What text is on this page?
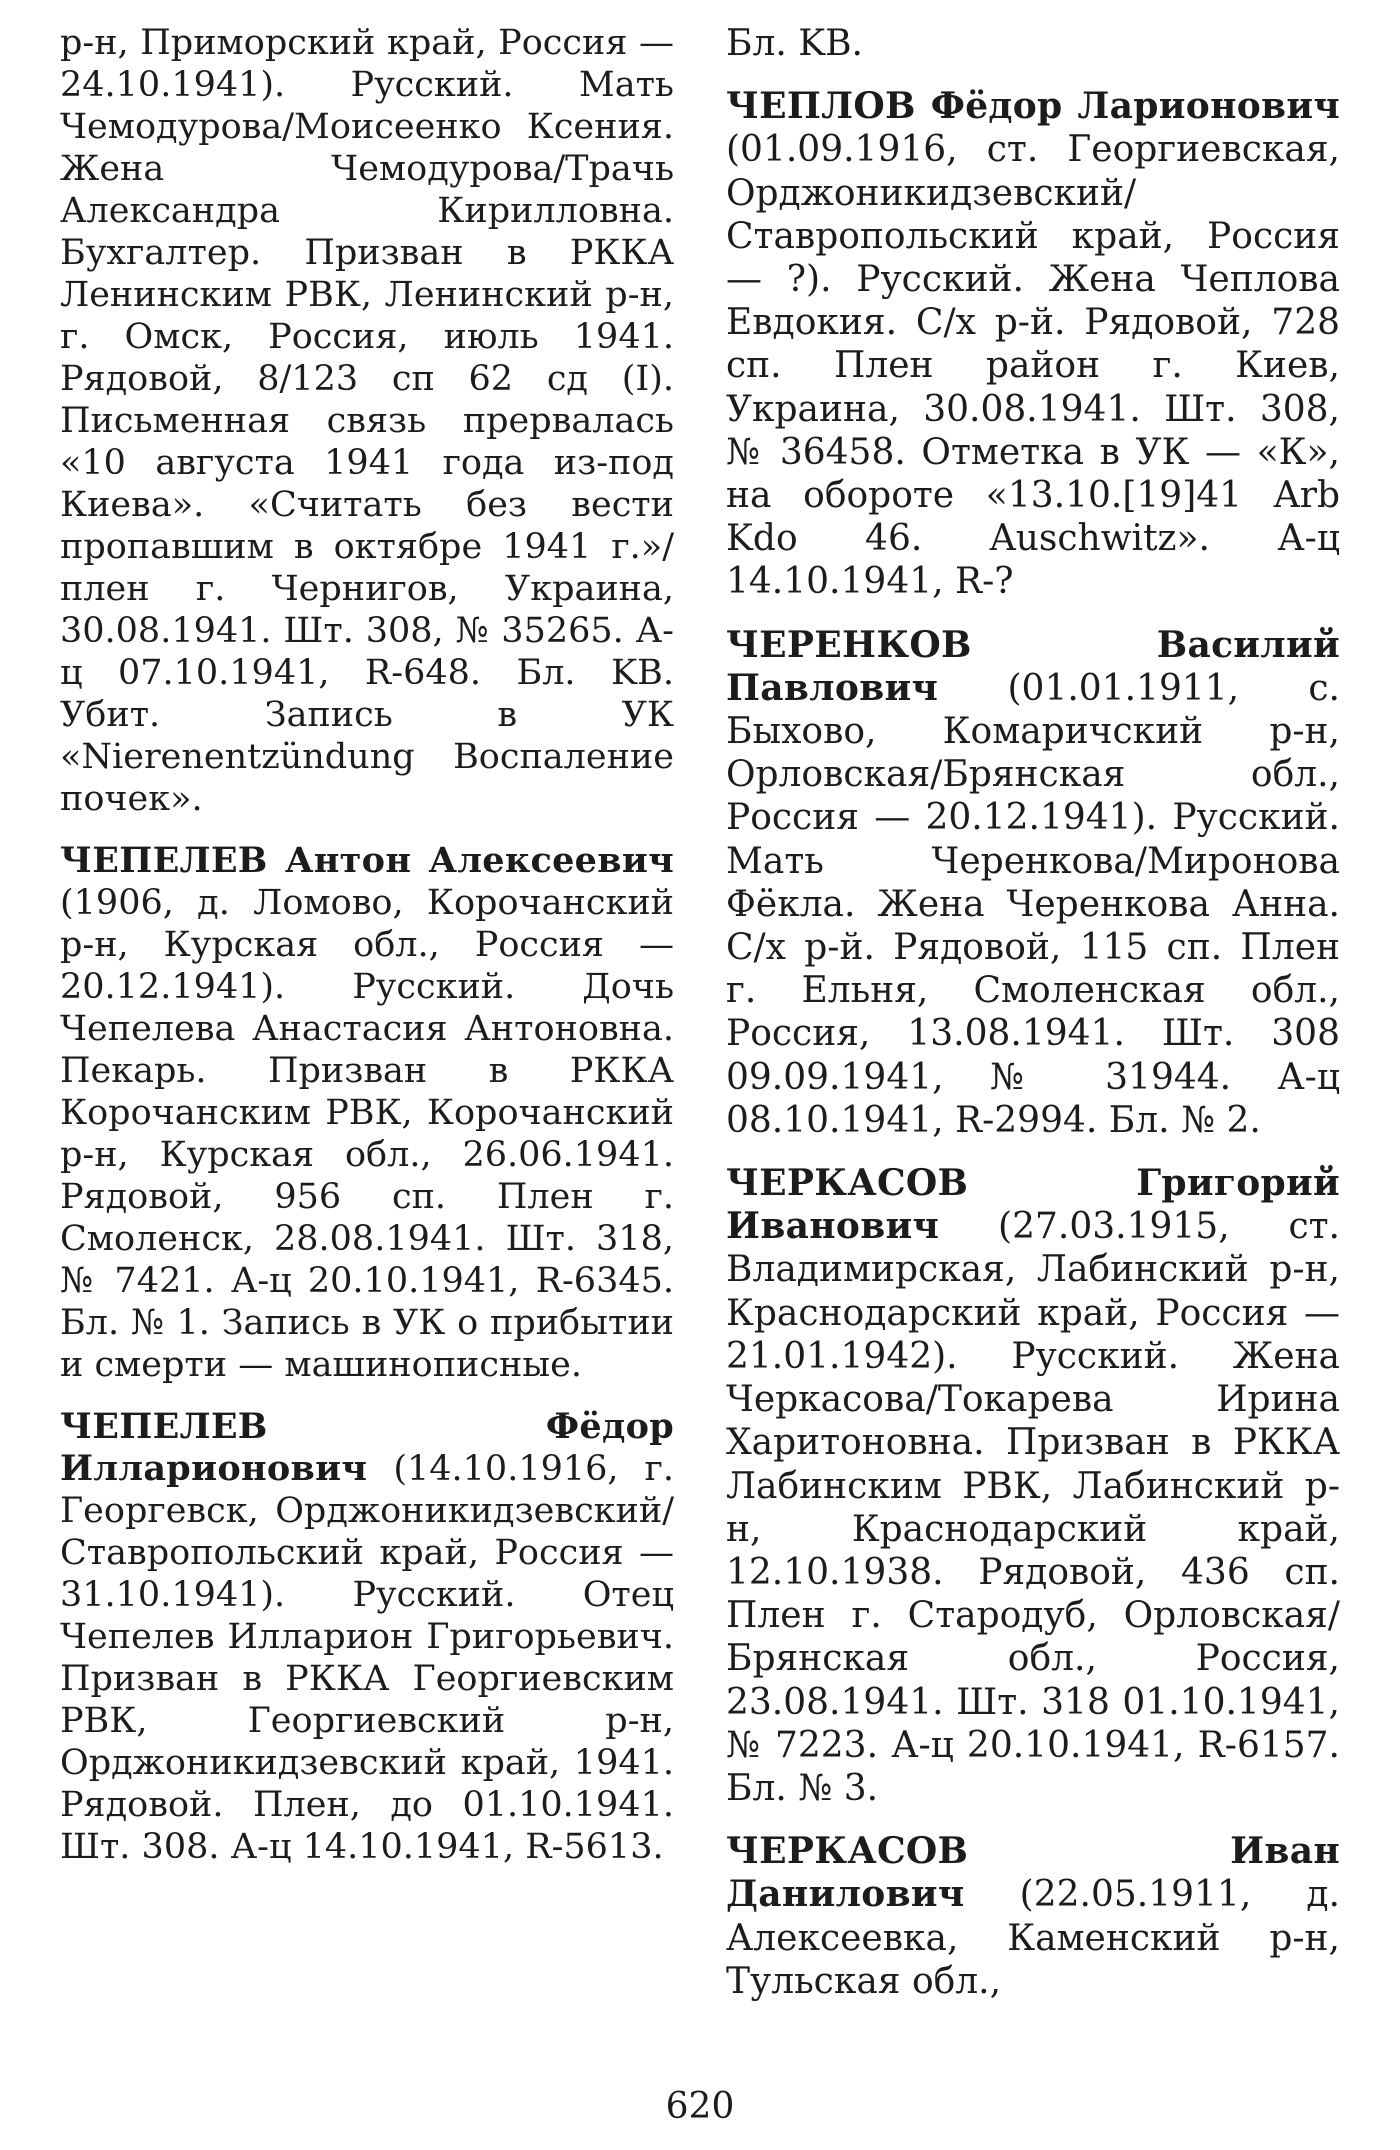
р-н, Приморский край, Россия — 24.10.1941). Русский. Мать Чемодурова/Моисеенко Ксения. Жена Чемодурова/Трачь Александра Кирилловна. Бухгалтер. Призван в РККА Ленинским РВК, Ленинский р-н, г. Омск, Россия, июль 1941. Рядовой, 8/123 сп 62 сд (I). Письменная связь прервалась «10 августа 1941 года из-под Киева». «Считать без вести пропавшим в октябре 1941 г.»/плен г. Чернигов, Украина, 30.08.1941. Шт. 308, № 35265. А-ц 07.10.1941, R-648. Бл. KB. Убит. Запись в УК «Nierenentzündung Воспаление почек».

ЧЕПЕЛЕВ Антон Алексеевич (1906, д. Ломово, Корочанский р-н, Курская обл., Россия — 20.12.1941). Русский. Дочь Чепелева Анастасия Антоновна. Пекарь. Призван в РККА Корочанским РВК, Корочанский р-н, Курская обл., 26.06.1941. Рядовой, 956 сп. Плен г. Смоленск, 28.08.1941. Шт. 318, № 7421. А-ц 20.10.1941, R-6345. Бл. № 1. Запись в УК о прибытии и смерти — машинописные.

ЧЕПЕЛЕВ Фёдор Илларионович (14.10.1916, г. Георгевск, Орджоникидзевский/Ставропольский край, Россия — 31.10.1941). Русский. Отец Чепелев Илларион Григорьевич. Призван в РККА Георгиевским РВК, Георгиевский р-н, Орджоникидзевский край, 1941. Рядовой. Плен, до 01.10.1941. Шт. 308. А-ц 14.10.1941, R-5613.

Бл. KB.

ЧЕПЛОВ Фёдор Ларионович (01.09.1916, ст. Георгиевская, Орджоникидзевский/Ставропольский край, Россия — ?). Русский. Жена Чеплова Евдокия. С/х р-й. Рядовой, 728 сп. Плен район г. Киев, Украина, 30.08.1941. Шт. 308, № 36458. Отметка в УК — «К», на обороте «13.10.[19]41 Arb Kdo 46. Auschwitz». А-ц 14.10.1941, R-?

ЧЕРЕНКОВ Василий Павлович (01.01.1911, с. Быхово, Комаричский р-н, Орловская/Брянская обл., Россия — 20.12.1941). Русский. Мать Черенкова/Миронова Фёкла. Жена Черенкова Анна. С/х р-й. Рядовой, 115 сп. Плен г. Ельня, Смоленская обл., Россия, 13.08.1941. Шт. 308 09.09.1941, № 31944. А-ц 08.10.1941, R-2994. Бл. № 2.

ЧЕРКАСОВ Григорий Иванович (27.03.1915, ст. Владимирская, Лабинский р-н, Краснодарский край, Россия — 21.01.1942). Русский. Жена Черкасова/Токарева Ирина Харитоновна. Призван в РККА Лабинским РВК, Лабинский р-н, Краснодарский край, 12.10.1938. Рядовой, 436 сп. Плен г. Стародуб, Орловская/Брянская обл., Россия, 23.08.1941. Шт. 318 01.10.1941, № 7223. А-ц 20.10.1941, R-6157. Бл. № 3.

ЧЕРКАСОВ Иван Данилович (22.05.1911, д. Алексеевка, Каменский р-н, Тульская обл.,

620
